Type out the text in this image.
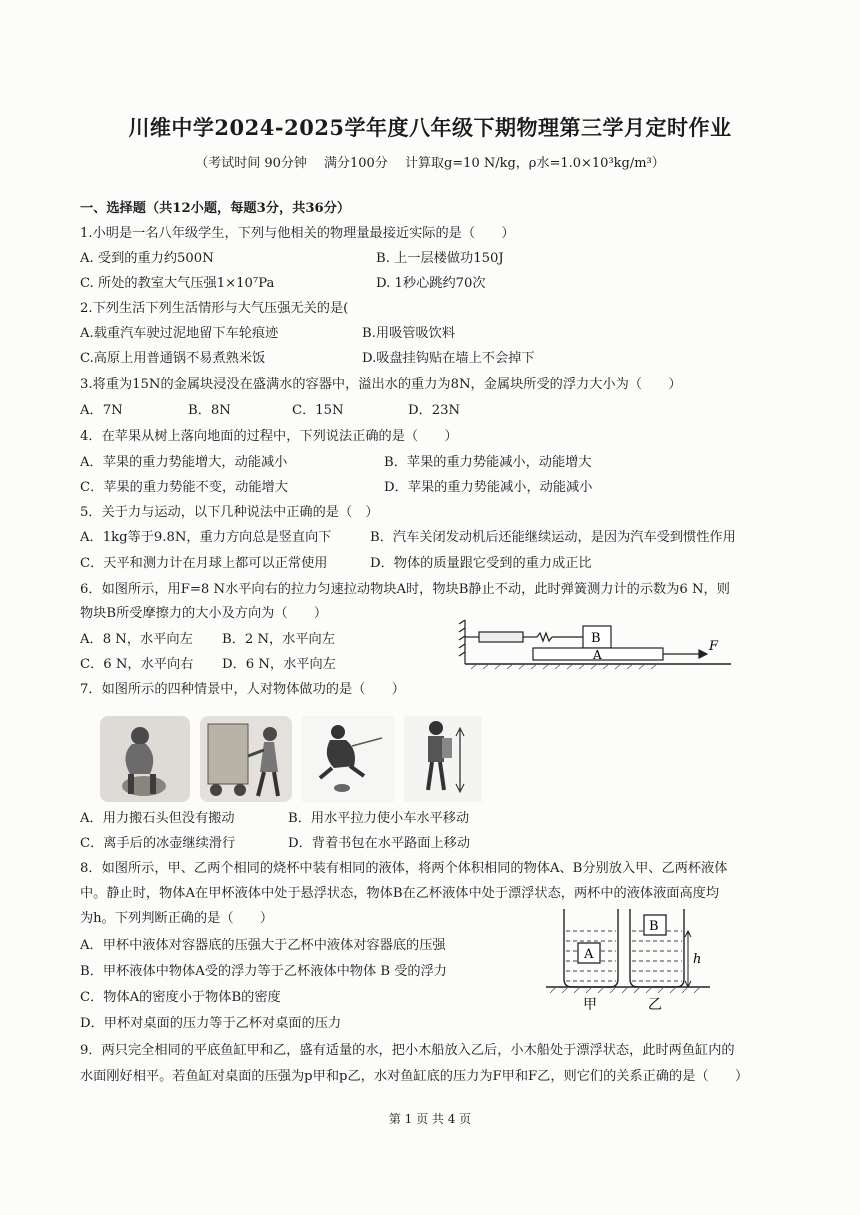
川维中学2024-2025学年度八年级下期物理第三学月定时作业
（考试时间 90分钟　 满分100分　 计算取g=10 N/kg，ρ水=1.0×10³kg/m³）
一、选择题（共12小题，每题3分，共36分）
1.小明是一名八年级学生，下列与他相关的物理量最接近实际的是（　　）
A. 受到的重力约500N	B. 上一层楼做功150J
C. 所处的教室大气压强1×10⁷Pa	D. 1秒心跳约70次
2.下列生活下列生活情形与大气压强无关的是(
A.载重汽车驶过泥地留下车轮痕迹	B.用吸管吸饮料
C.高原上用普通锅不易煮熟米饭	D.吸盘挂钩贴在墙上不会掉下
3.将重为15N的金属块浸没在盛满水的容器中，溢出水的重力为8N，金属块所受的浮力大小为（　　）
A．7N	B．8N	C．15N	D．23N
4．在苹果从树上落向地面的过程中，下列说法正确的是（　　）
A．苹果的重力势能增大，动能减小	B．苹果的重力势能减小，动能增大
C．苹果的重力势能不变，动能增大	D．苹果的重力势能减小，动能减小
5．关于力与运动，以下几种说法中正确的是（　）
A．1kg等于9.8N，重力方向总是竖直向下	B．汽车关闭发动机后还能继续运动，是因为汽车受到惯性作用
C．天平和测力计在月球上都可以正常使用	D．物体的质量跟它受到的重力成正比
6．如图所示，用F=8 N水平向右的拉力匀速拉动物块A时，物块B静止不动，此时弹簧测力计的示数为6 N，则
物块B所受摩擦力的大小及方向为（　　）
A．8 N，水平向左 B．2 N，水平向左
C．6 N，水平向右 D．6 N，水平向左
B
A
F
7．如图所示的四种情景中，人对物体做功的是（　　）
A．用力搬石头但没有搬动	B．用水平拉力使小车水平移动
C．离手后的冰壶继续滑行	D．背着书包在水平路面上移动
8．如图所示，甲、乙两个相同的烧杯中装有相同的液体，将两个体积相同的物体A、B分别放入甲、乙两杯液体
中。静止时，物体A在甲杯液体中处于悬浮状态，物体B在乙杯液体中处于漂浮状态，两杯中的液体液面高度均
为h。下列判断正确的是（　　）
A．甲杯中液体对容器底的压强大于乙杯中液体对容器底的压强
B．甲杯液体中物体A受的浮力等于乙杯液体中物体 B 受的浮力
C．物体A的密度小于物体B的密度
D．甲杯对桌面的压力等于乙杯对桌面的压力
A
B
h
甲	乙
9．两只完全相同的平底鱼缸甲和乙，盛有适量的水，把小木船放入乙后，小木船处于漂浮状态，此时两鱼缸内的
水面刚好相平。若鱼缸对桌面的压强为p甲和p乙，水对鱼缸底的压力为F甲和F乙，则它们的关系正确的是（　　）
第 1 页 共 4 页
